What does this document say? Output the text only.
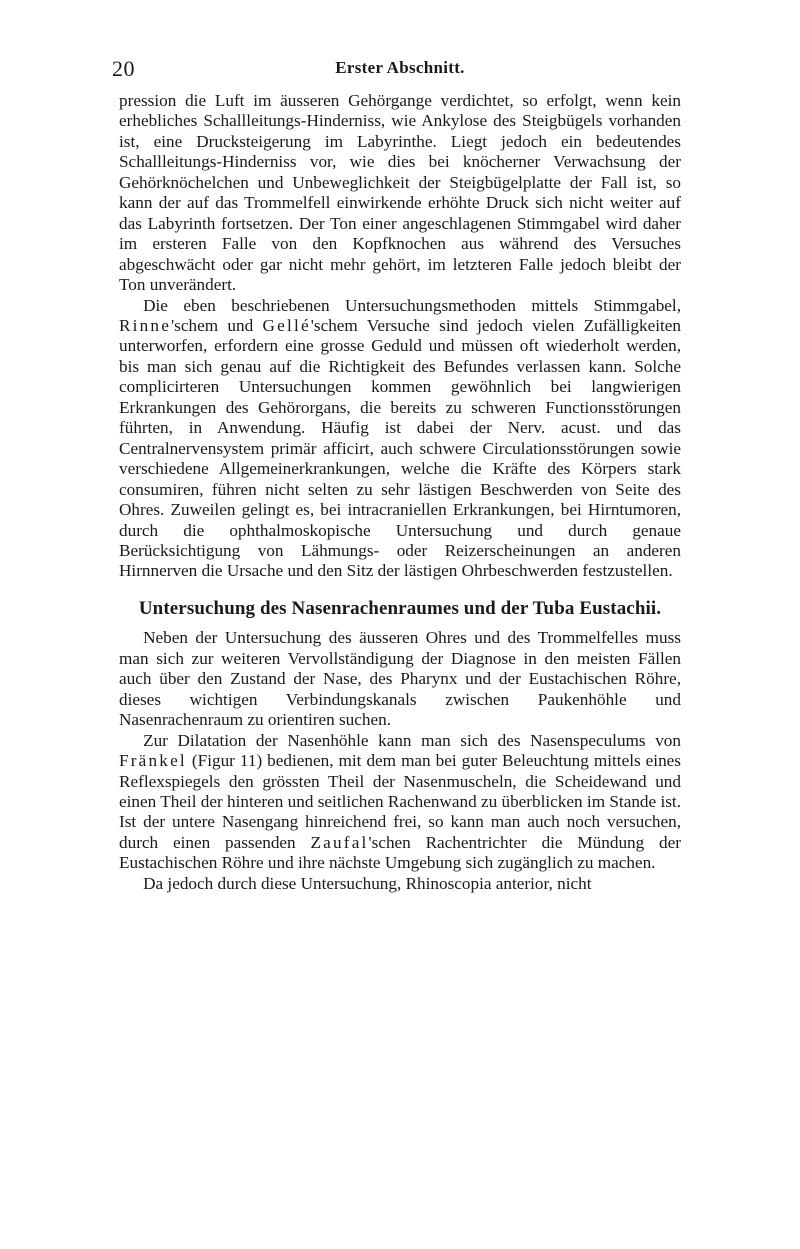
20	Erster Abschnitt.

pression die Luft im äusseren Gehörgange verdichtet, so erfolgt, wenn kein erhebliches Schallleitungs-Hinderniss, wie Ankylose des Steigbügels vorhanden ist, eine Drucksteigerung im Labyrinthe. Liegt jedoch ein bedeutendes Schallleitungs-Hinderniss vor, wie dies bei knöcherner Verwachsung der Gehörknöchelchen und Unbeweglichkeit der Steigbügelplatte der Fall ist, so kann der auf das Trommelfell einwirkende erhöhte Druck sich nicht weiter auf das Labyrinth fortsetzen. Der Ton einer angeschlagenen Stimmgabel wird daher im ersteren Falle von den Kopfknochen aus während des Versuches abgeschwächt oder gar nicht mehr gehört, im letzteren Falle jedoch bleibt der Ton unverändert.

Die eben beschriebenen Untersuchungsmethoden mittels Stimmgabel, Rinne'schem und Gellé'schem Versuche sind jedoch vielen Zufälligkeiten unterworfen, erfordern eine grosse Geduld und müssen oft wiederholt werden, bis man sich genau auf die Richtigkeit des Befundes verlassen kann. Solche complicirteren Untersuchungen kommen gewöhnlich bei langwierigen Erkrankungen des Gehörorgans, die bereits zu schweren Functionsstörungen führten, in Anwendung. Häufig ist dabei der Nerv. acust. und das Centralnervensystem primär afficirt, auch schwere Circulationsstörungen sowie verschiedene Allgemeinerkrankungen, welche die Kräfte des Körpers stark consumiren, führen nicht selten zu sehr lästigen Beschwerden von Seite des Ohres. Zuweilen gelingt es, bei intracraniellen Erkrankungen, bei Hirntumoren, durch die ophthalmoskopische Untersuchung und durch genaue Berücksichtigung von Lähmungs- oder Reizerscheinungen an anderen Hirnnerven die Ursache und den Sitz der lästigen Ohrbeschwerden festzustellen.

Untersuchung des Nasenrachenraumes und der Tuba Eustachii.

Neben der Untersuchung des äusseren Ohres und des Trommelfelles muss man sich zur weiteren Vervollständigung der Diagnose in den meisten Fällen auch über den Zustand der Nase, des Pharynx und der Eustachischen Röhre, dieses wichtigen Verbindungskanals zwischen Paukenhöhle und Nasenrachenraum zu orientiren suchen.

Zur Dilatation der Nasenhöhle kann man sich des Nasenspeculums von Fränkel (Figur 11) bedienen, mit dem man bei guter Beleuchtung mittels eines Reflexspiegels den grössten Theil der Nasenmuscheln, die Scheidewand und einen Theil der hinteren und seitlichen Rachenwand zu überblicken im Stande ist. Ist der untere Nasengang hinreichend frei, so kann man auch noch versuchen, durch einen passenden Zaufal'schen Rachentrichter die Mündung der Eustachischen Röhre und ihre nächste Umgebung sich zugänglich zu machen.

Da jedoch durch diese Untersuchung, Rhinoscopia anterior, nicht
